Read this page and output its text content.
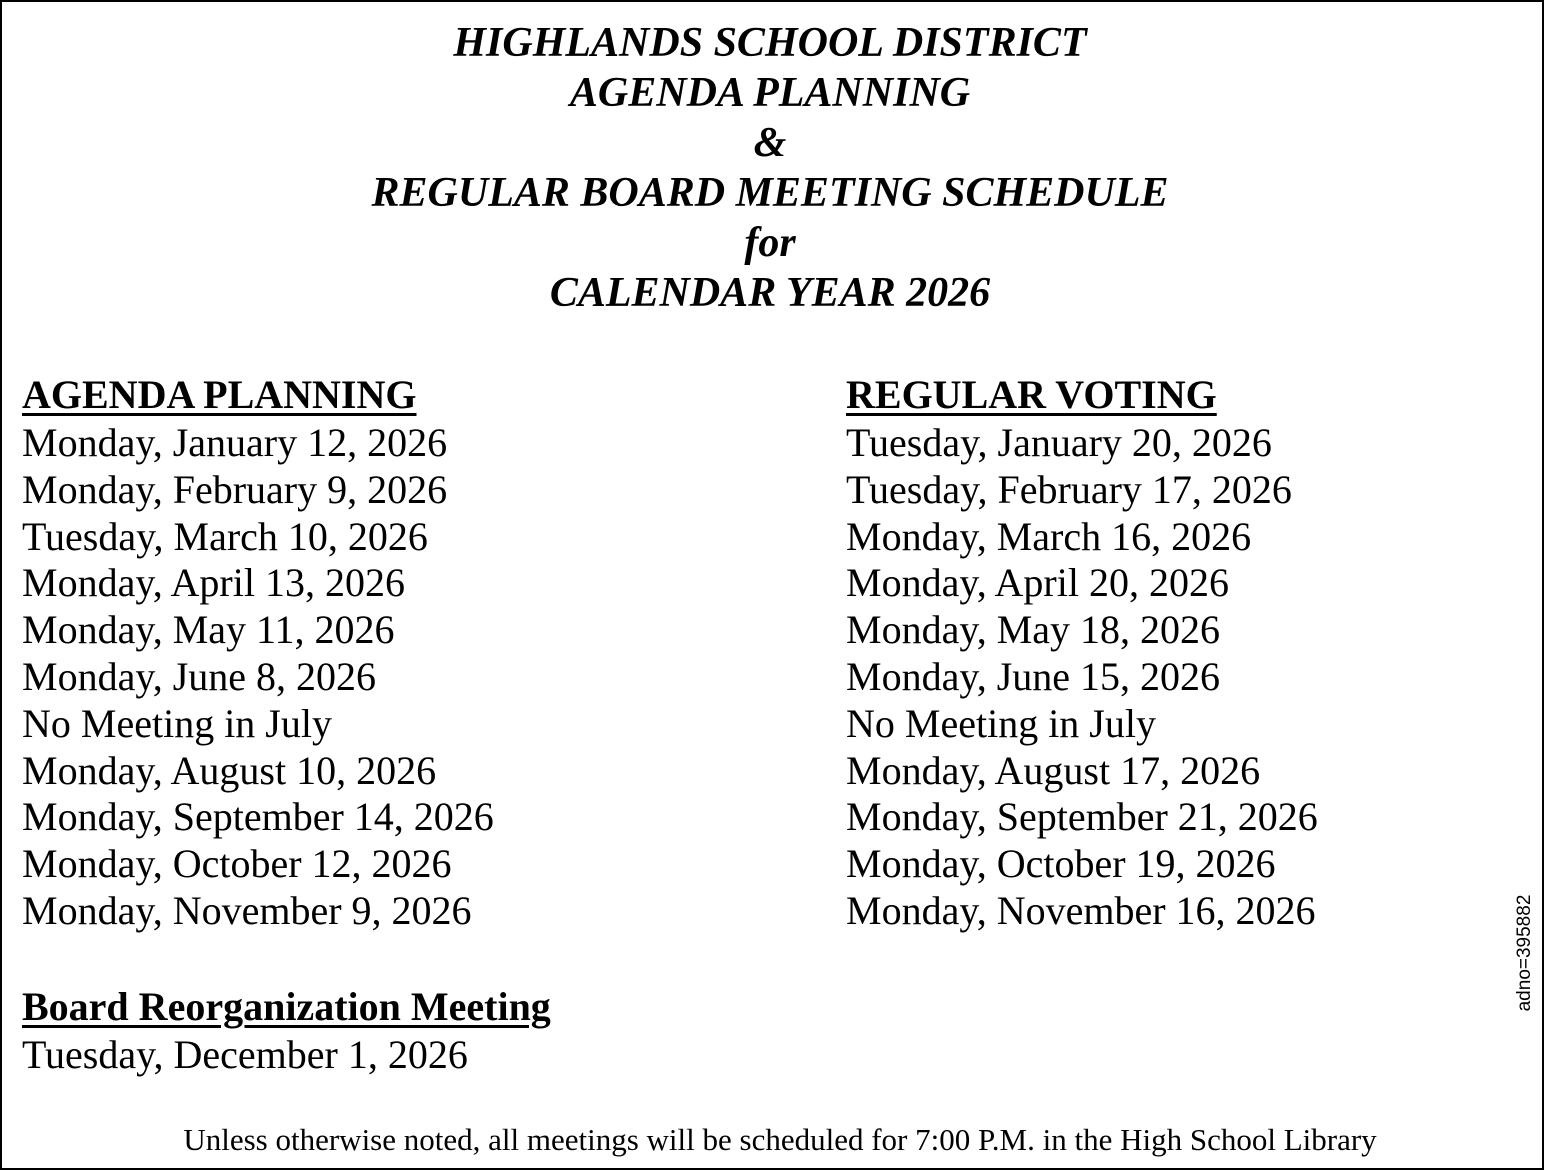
HIGHLANDS SCHOOL DISTRICT
AGENDA PLANNING
&
REGULAR BOARD MEETING SCHEDULE
for
CALENDAR YEAR 2026
AGENDA PLANNING
Monday, January 12, 2026
Monday, February 9, 2026
Tuesday, March 10, 2026
Monday, April 13, 2026
Monday, May 11, 2026
Monday, June 8, 2026
No Meeting in July
Monday, August 10, 2026
Monday, September 14, 2026
Monday, October 12, 2026
Monday, November 9, 2026
REGULAR VOTING
Tuesday, January 20, 2026
Tuesday, February 17, 2026
Monday, March 16, 2026
Monday, April 20, 2026
Monday, May 18, 2026
Monday, June 15, 2026
No Meeting in July
Monday, August 17, 2026
Monday, September 21, 2026
Monday, October 19, 2026
Monday, November 16, 2026
Board Reorganization Meeting
Tuesday, December 1, 2026
Unless otherwise noted, all meetings will be scheduled for 7:00 P.M. in the High School Library
adno=395882
